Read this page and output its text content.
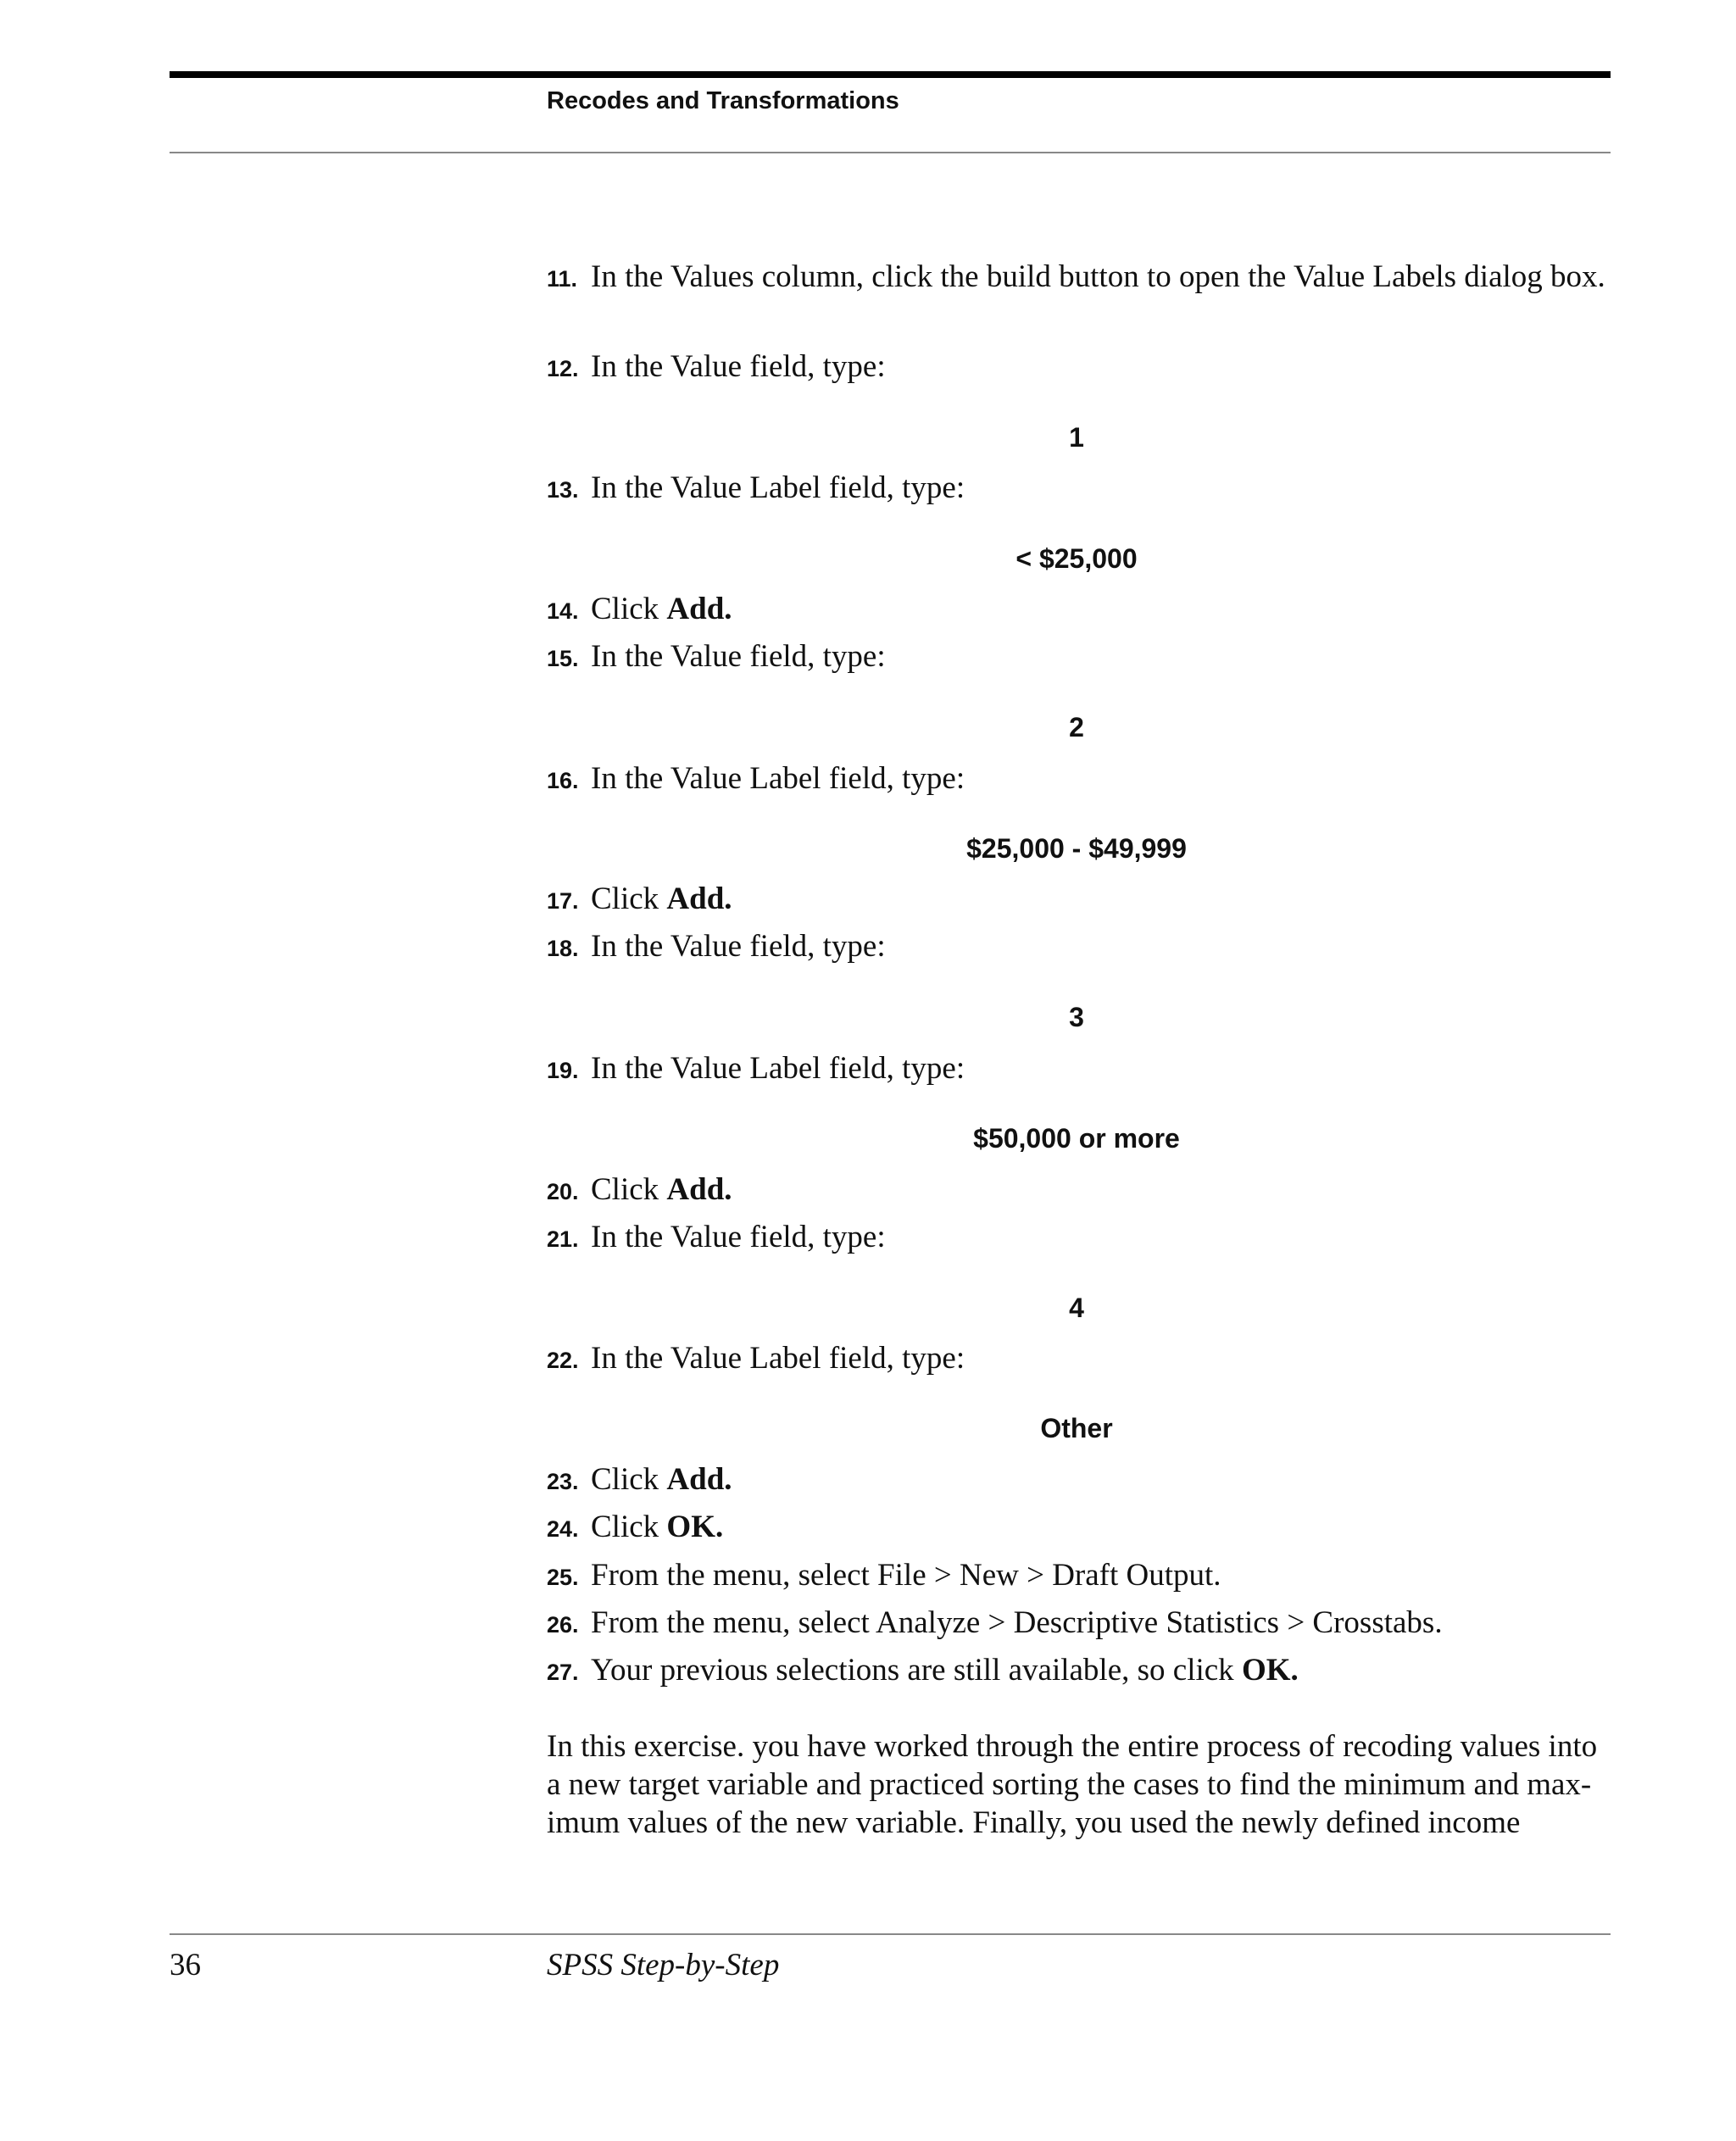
Recodes and Transformations
11. In the Values column, click the build button to open the Value Labels dialog box.
12. In the Value field, type:
1
13. In the Value Label field, type:
< $25,000
14. Click Add.
15. In the Value field, type:
2
16. In the Value Label field, type:
$25,000 - $49,999
17. Click Add.
18. In the Value field, type:
3
19. In the Value Label field, type:
$50,000 or more
20. Click Add.
21. In the Value field, type:
4
22. In the Value Label field, type:
Other
23. Click Add.
24. Click OK.
25. From the menu, select File > New > Draft Output.
26. From the menu, select Analyze > Descriptive Statistics > Crosstabs.
27. Your previous selections are still available, so click OK.

In this exercise. you have worked through the entire process of recoding values into a new target variable and practiced sorting the cases to find the minimum and max-imum values of the new variable. Finally, you used the newly defined income

36	SPSS Step-by-Step
